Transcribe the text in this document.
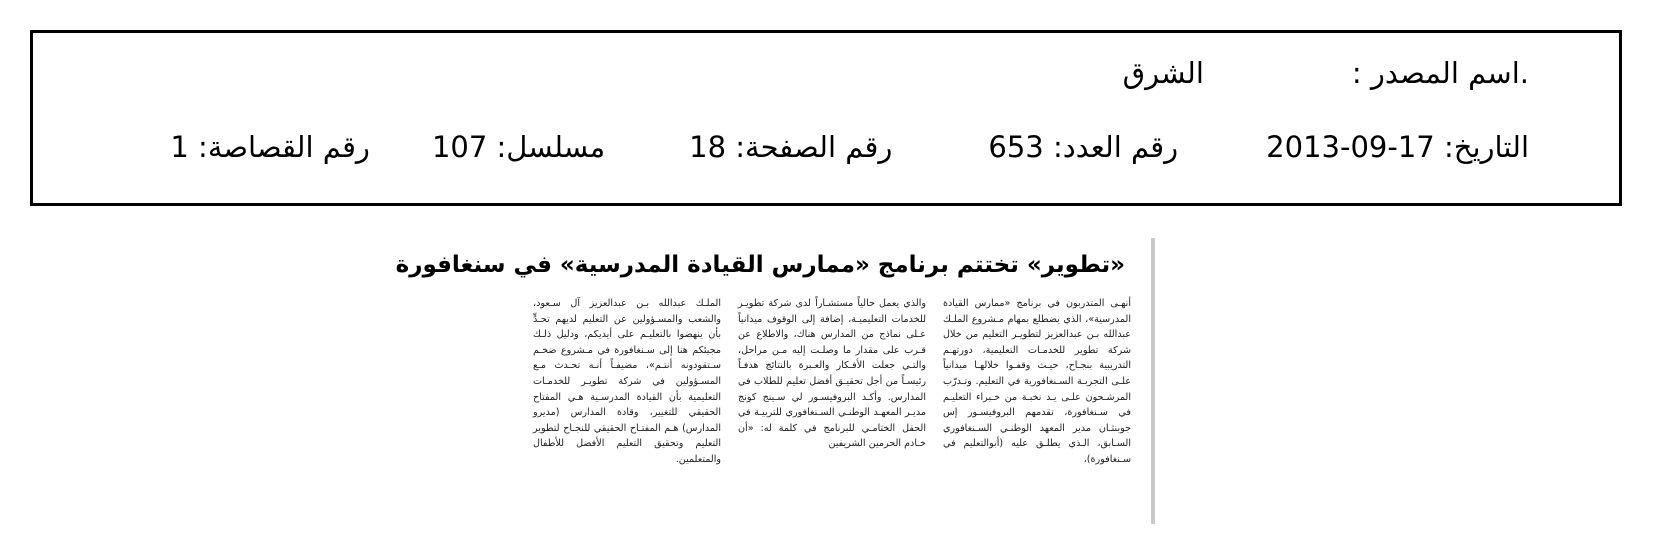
.اسم المصدر :
الشرق
التاريخ: 17-09-2013
رقم العدد: 653
رقم الصفحة: 18
مسلسل: 107
رقم القصاصة: 1
«تطوير» تختتم برنامج «ممارس القيادة المدرسية» في سنغافورة

أنهـى المتدربون في برنامج «ممارس القيادة المدرسية»، الذي يضطلع بمهام مـشروع الملـك عبدالله بـن عبدالعزيز لتطويـر التعليم من خلال شركة تطوير للخدمـات التعليمية، دورتهـم التدريبية بنجـاح، حيـث وقفـوا خلالهـا ميدانياً علـى التجربـة السـنغافورية في التعليم. وتـدرّب المرشـحون علـى يـد نخبـة من خـبراء التعليـم في سـنغافورة، تقدمهم البروفيسـور إس جوبنثـان مدير المعهد الوطنـي السـنغافوري السـابق، الـذي يطلـق عليه (أبوالتعليم في سـنغافورة)،

والذي يعمل حالياً مستشـاراً لدى شركة تطويـر للخدمات التعليميـة، إضافة إلى الوقوف ميدانياً عـلى نماذج من المدارس هناك، والاطلاع عن قـرب على مقدار ما وصلـت إليه مـن مراحل، والتـي جعلت الأفـكار والعـبرة بالنتائج هدفـاً رئيسـاً من أجل تحقيـق أفضل تعليم للطلاب في المدارس. وأكـد البروفيسـور لي سـينج كونج مديـر المعهـد الوطنـي السـنغافوري للتربيـة في الحفل الختامـي للبرنامج في كلمة له: «أن خـادم الحرمين الشريفين

الملـك عبدالله بـن عبدالعزيز آل سـعود، والشعب والمسـؤولين عن التعليم لديهم تحـدٍّ بأن ينهضوا بالتعليـم على أيديكم، ودليل ذلـك مجيئكم هنا إلى سـنغافورة في مـشروع ضخـم سـتقودونه أنتـم»، مضيفـاً أنـه تحـدث مـع المسـؤولين في شركة تطويـر للخدمـات التعليمية بأن القيادة المدرسـية هـي المفتاح الحقيقي للتغيير، وقادة المدارس (مديرو المدارس) هـم المفتـاح الحقيقي للنجـاح لتطوير التعليم وتحقيق التعليم الأفضل للأطفال والمتعلمين.
